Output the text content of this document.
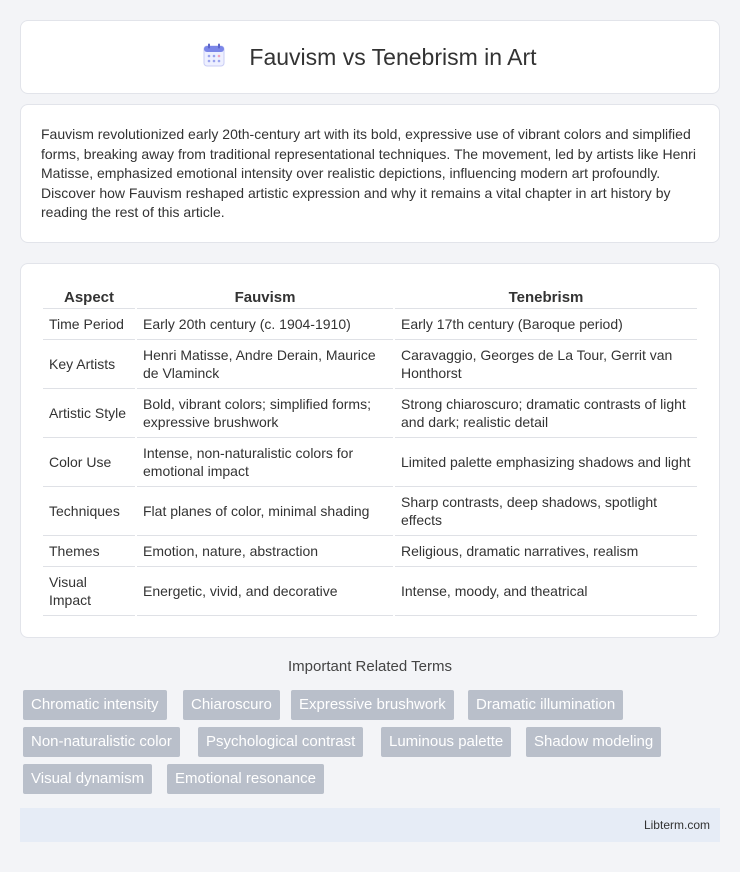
Fauvism vs Tenebrism in Art

Fauvism revolutionized early 20th-century art with its bold, expressive use of vibrant colors and simplified forms, breaking away from traditional representational techniques. The movement, led by artists like Henri Matisse, emphasized emotional intensity over realistic depictions, influencing modern art profoundly. Discover how Fauvism reshaped artistic expression and why it remains a vital chapter in art history by reading the rest of this article.

Aspect	Fauvism	Tenebrism
Time Period	Early 20th century (c. 1904-1910)	Early 17th century (Baroque period)
Key Artists	Henri Matisse, Andre Derain, Maurice de Vlaminck	Caravaggio, Georges de La Tour, Gerrit van Honthorst
Artistic Style	Bold, vibrant colors; simplified forms; expressive brushwork	Strong chiaroscuro; dramatic contrasts of light and dark; realistic detail
Color Use	Intense, non-naturalistic colors for emotional impact	Limited palette emphasizing shadows and light
Techniques	Flat planes of color, minimal shading	Sharp contrasts, deep shadows, spotlight effects
Themes	Emotion, nature, abstraction	Religious, dramatic narratives, realism
Visual Impact	Energetic, vivid, and decorative	Intense, moody, and theatrical
Important Related Terms
Chromatic intensity	Chiaroscuro	Expressive brushwork	Dramatic illumination
Non-naturalistic color	Psychological contrast	Luminous palette	Shadow modeling
Visual dynamism	Emotional resonance
Libterm.com
